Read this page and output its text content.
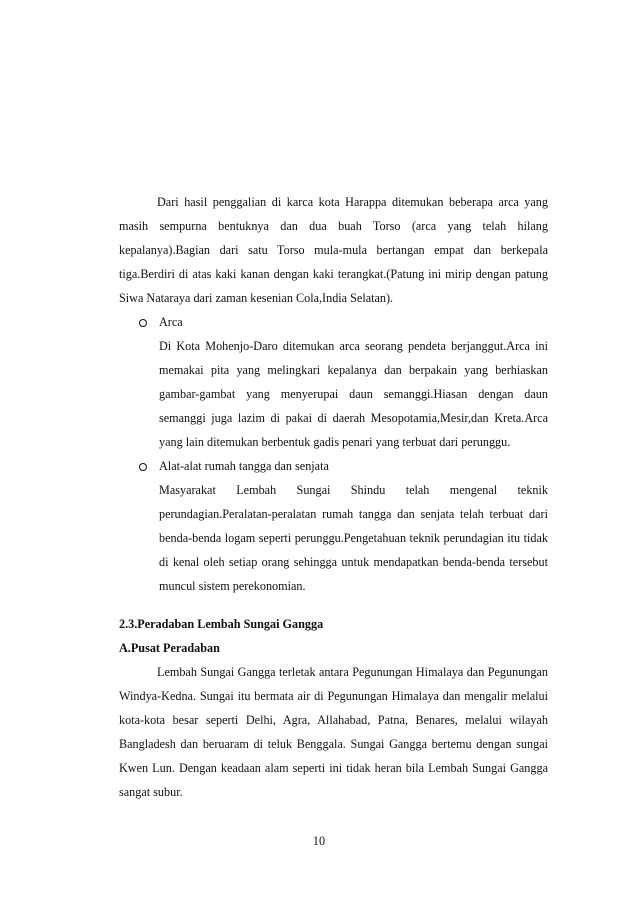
Dari hasil penggalian di karca kota Harappa ditemukan beberapa arca yang masih sempurna bentuknya dan dua buah Torso (arca yang telah hilang kepalanya).Bagian dari satu Torso mula-mula bertangan empat dan berkepala tiga.Berdiri di atas kaki kanan dengan kaki terangkat.(Patung ini mirip dengan patung Siwa Nataraya dari zaman kesenian Cola,India Selatan).

Arca

Di Kota Mohenjo-Daro ditemukan arca seorang pendeta berjanggut.Arca ini memakai pita yang melingkari kepalanya dan berpakain yang berhiaskan gambar-gambat yang menyerupai daun semanggi.Hiasan dengan daun semanggi juga lazim di pakai di daerah Mesopotamia,Mesir,dan Kreta.Arca yang lain ditemukan berbentuk gadis penari yang terbuat dari perunggu.

Alat-alat rumah tangga dan senjata

Masyarakat Lembah Sungai Shindu telah mengenal teknik perundagian.Peralatan-peralatan rumah tangga dan senjata telah terbuat dari benda-benda logam seperti perunggu.Pengetahuan teknik perundagian itu tidak di kenal oleh setiap orang sehingga untuk mendapatkan benda-benda tersebut muncul sistem perekonomian.

2.3.Peradaban Lembah Sungai Gangga

A.Pusat Peradaban

Lembah Sungai Gangga terletak antara Pegunungan Himalaya dan Pegunungan Windya-Kedna. Sungai itu bermata air di Pegunungan Himalaya dan mengalir melalui kota-kota besar seperti Delhi, Agra, Allahabad, Patna, Benares, melalui wilayah Bangladesh dan beruaram di teluk Benggala. Sungai Gangga bertemu dengan sungai Kwen Lun. Dengan keadaan alam seperti ini tidak heran bila Lembah Sungai Gangga sangat subur.

10
